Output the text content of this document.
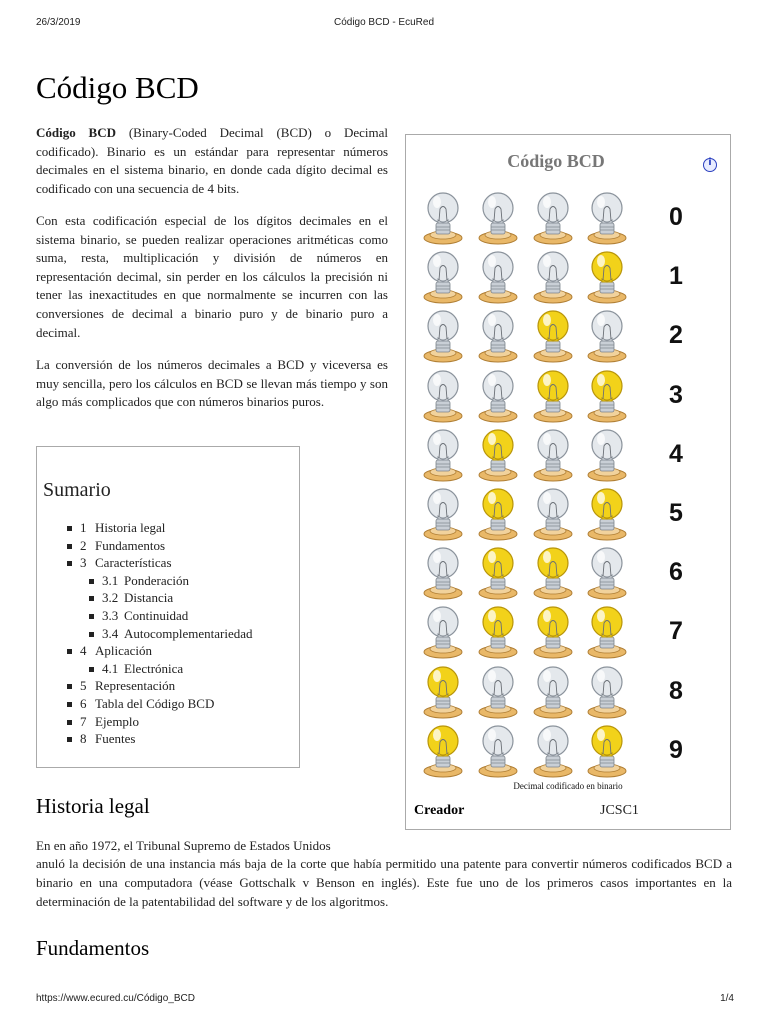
26/3/2019	Código BCD - EcuRed
Código BCD

Código BCD (Binary-Coded Decimal (BCD) o Decimal codificado). Binario es un estándar para representar números decimales en el sistema binario, en donde cada dígito decimal es codificado con una secuencia de 4 bits.

Con esta codificación especial de los dígitos decimales en el sistema binario, se pueden realizar operaciones aritméticas como suma, resta, multiplicación y división de números en representación decimal, sin perder en los cálculos la precisión ni tener las inexactitudes en que normalmente se incurren con las conversiones de decimal a binario puro y de binario puro a decimal.

La conversión de los números decimales a BCD y viceversa es muy sencilla, pero los cálculos en BCD se llevan más tiempo y son algo más complicados que con números binarios puros.

Sumario
1 Historia legal
2 Fundamentos
3 Características
3.1 Ponderación
3.2 Distancia
3.3 Continuidad
3.4 Autocomplementariedad
4 Aplicación
4.1 Electrónica
5 Representación
6 Tabla del Código BCD
7 Ejemplo
8 Fuentes
Código BCD	i
0
1
2
3
4
5
6
7
8
9
Decimal codificado en binario
Creador	JCSC1
Historia legal

En en año 1972, el Tribunal Supremo de Estados Unidos

anuló la decisión de una instancia más baja de la corte que había permitido una patente para convertir números codificados BCD a binario en una computadora (véase Gottschalk v Benson en inglés). Este fue uno de los primeros casos importantes en la determinación de la patentabilidad del software y de los algoritmos.

Fundamentos
https://www.ecured.cu/Código_BCD	1/4
